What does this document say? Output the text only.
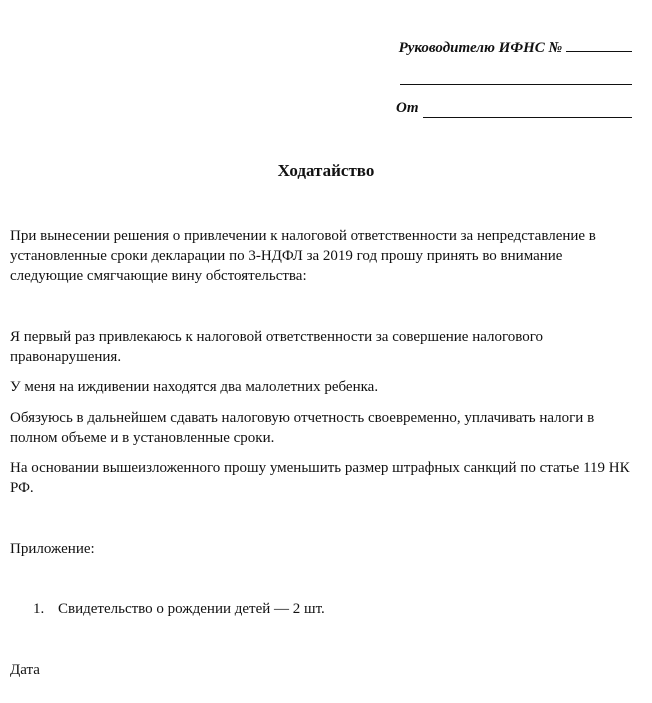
Руководителю ИФНС №
От
Ходатайство

При вынесении решения о привлечении к налоговой ответственности за непредставление в установленные сроки декларации по 3-НДФЛ за 2019 год прошу принять во внимание следующие смягчающие вину обстоятельства:

Я первый раз привлекаюсь к налоговой ответственности за совершение налогового правонарушения.

У меня на иждивении находятся два малолетних ребенка.

Обязуюсь в дальнейшем сдавать налоговую отчетность своевременно, уплачивать налоги в полном объеме и в установленные сроки.

На основании вышеизложенного прошу уменьшить размер штрафных санкций по статье 119 НК РФ.

Приложение:

1. Свидетельство о рождении детей — 2 шт.

Дата
